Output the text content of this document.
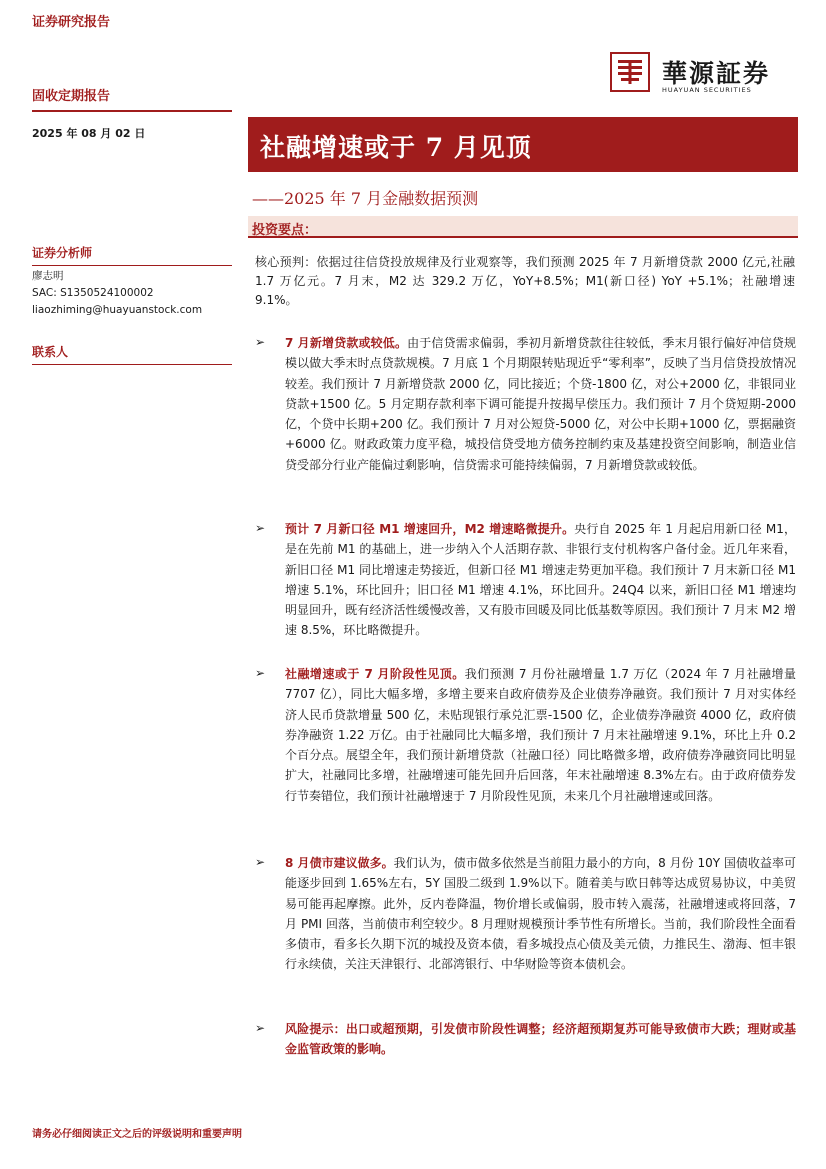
证券研究报告
固收定期报告
2025 年 08 月 02 日
華源証券
HUAYUAN SECURITIES
社融增速或于 7 月见顶
——2025 年 7 月金融数据预测
投资要点：
证券分析师
廖志明
SAC: S1350524100002
liaozhiming@huayuanstock.com
联系人
核心预判：依据过往信贷投放规律及行业观察等，我们预测 2025 年 7 月新增贷款 2000 亿元,社融 1.7 万亿元。7 月末，M2 达 329.2 万亿，YoY+8.5%；M1(新口径) YoY +5.1%；社融增速 9.1%。
➢ 7 月新增贷款或较低。由于信贷需求偏弱，季初月新增贷款往往较低，季末月银行偏好冲信贷规模以做大季末时点贷款规模。7 月底 1 个月期限转贴现近乎“零利率”，反映了当月信贷投放情况较差。我们预计 7 月新增贷款 2000 亿，同比接近；个贷-1800 亿，对公+2000 亿，非银同业贷款+1500 亿。5 月定期存款利率下调可能提升按揭早偿压力。我们预计 7 月个贷短期-2000 亿，个贷中长期+200 亿。我们预计 7 月对公短贷-5000 亿，对公中长期+1000 亿，票据融资+6000 亿。财政政策力度平稳，城投信贷受地方债务控制约束及基建投资空间影响，制造业信贷受部分行业产能偏过剩影响，信贷需求可能持续偏弱，7 月新增贷款或较低。
➢ 预计 7 月新口径 M1 增速回升，M2 增速略微提升。央行自 2025 年 1 月起启用新口径 M1，是在先前 M1 的基础上，进一步纳入个人活期存款、非银行支付机构客户备付金。近几年来看，新旧口径 M1 同比增速走势接近，但新口径 M1 增速走势更加平稳。我们预计 7 月末新口径 M1 增速 5.1%，环比回升；旧口径 M1 增速 4.1%，环比回升。24Q4 以来，新旧口径 M1 增速均明显回升，既有经济活性缓慢改善，又有股市回暖及同比低基数等原因。我们预计 7 月末 M2 增速 8.5%，环比略微提升。
➢ 社融增速或于 7 月阶段性见顶。我们预测 7 月份社融增量 1.7 万亿（2024 年 7 月社融增量 7707 亿），同比大幅多增，多增主要来自政府债券及企业债券净融资。我们预计 7 月对实体经济人民币贷款增量 500 亿，未贴现银行承兑汇票-1500 亿，企业债券净融资 4000 亿，政府债券净融资 1.22 万亿。由于社融同比大幅多增，我们预计 7 月末社融增速 9.1%，环比上升 0.2 个百分点。展望全年，我们预计新增贷款（社融口径）同比略微多增，政府债券净融资同比明显扩大，社融同比多增，社融增速可能先回升后回落，年末社融增速 8.3%左右。由于政府债券发行节奏错位，我们预计社融增速于 7 月阶段性见顶，未来几个月社融增速或回落。
➢ 8 月债市建议做多。我们认为，债市做多依然是当前阻力最小的方向，8 月份 10Y 国债收益率可能逐步回到 1.65%左右，5Y 国股二级到 1.9%以下。随着美与欧日韩等达成贸易协议，中美贸易可能再起摩擦。此外，反内卷降温，物价增长或偏弱，股市转入震荡，社融增速或将回落，7 月 PMI 回落，当前债市利空较少。8 月理财规模预计季节性有所增长。当前，我们阶段性全面看多债市，看多长久期下沉的城投及资本债，看多城投点心债及美元债，力推民生、渤海、恒丰银行永续债，关注天津银行、北部湾银行、中华财险等资本债机会。
➢ 风险提示：出口或超预期，引发债市阶段性调整；经济超预期复苏可能导致债市大跌；理财或基金监管政策的影响。
请务必仔细阅读正文之后的评级说明和重要声明
